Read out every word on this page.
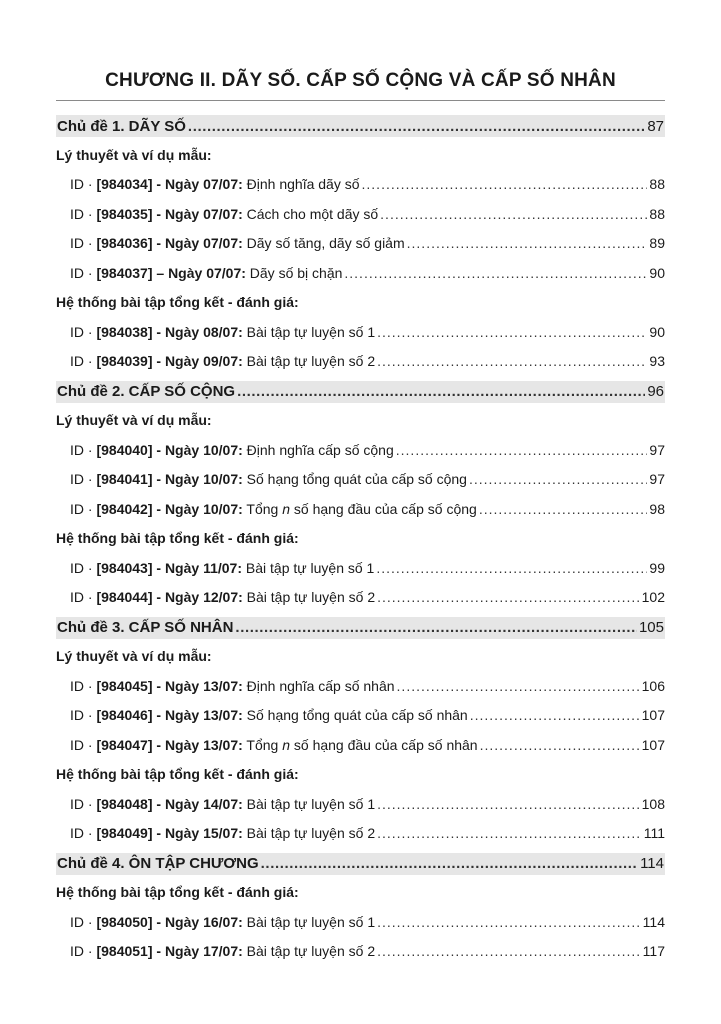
CHƯƠNG II. DÃY SỐ. CẤP SỐ CỘNG VÀ CẤP SỐ NHÂN
Chủ đề 1. DÃY SỐ .....	87
Lý thuyết và ví dụ mẫu:
ID · [984034] - Ngày 07/07: Định nghĩa dãy số .....	88
ID · [984035] - Ngày 07/07: Cách cho một dãy số .....	88
ID · [984036] - Ngày 07/07: Dãy số tăng, dãy số giảm .....	89
ID · [984037] – Ngày 07/07: Dãy số bị chặn .....	90
Hệ thống bài tập tổng kết - đánh giá:
ID · [984038] - Ngày 08/07: Bài tập tự luyện số 1 .....	90
ID · [984039] - Ngày 09/07: Bài tập tự luyện số 2 .....	93
Chủ đề 2. CẤP SỐ CỘNG .....	96
Lý thuyết và ví dụ mẫu:
ID · [984040] - Ngày 10/07: Định nghĩa cấp số cộng .....	97
ID · [984041] - Ngày 10/07: Số hạng tổng quát của cấp số cộng .....	97
ID · [984042] - Ngày 10/07: Tổng n số hạng đầu của cấp số cộng .....	98
Hệ thống bài tập tổng kết - đánh giá:
ID · [984043] - Ngày 11/07: Bài tập tự luyện số 1 .....	99
ID · [984044] - Ngày 12/07: Bài tập tự luyện số 2 .....	102
Chủ đề 3. CẤP SỐ NHÂN .....	105
Lý thuyết và ví dụ mẫu:
ID · [984045] - Ngày 13/07: Định nghĩa cấp số nhân .....	106
ID · [984046] - Ngày 13/07: Số hạng tổng quát của cấp số nhân .....	107
ID · [984047] - Ngày 13/07: Tổng n số hạng đầu của cấp số nhân .....	107
Hệ thống bài tập tổng kết - đánh giá:
ID · [984048] - Ngày 14/07: Bài tập tự luyện số 1 .....	108
ID · [984049] - Ngày 15/07: Bài tập tự luyện số 2 .....	111
Chủ đề 4. ÔN TẬP CHƯƠNG .....	114
Hệ thống bài tập tổng kết - đánh giá:
ID · [984050] - Ngày 16/07: Bài tập tự luyện số 1 .....	114
ID · [984051] - Ngày 17/07: Bài tập tự luyện số 2 .....	117
